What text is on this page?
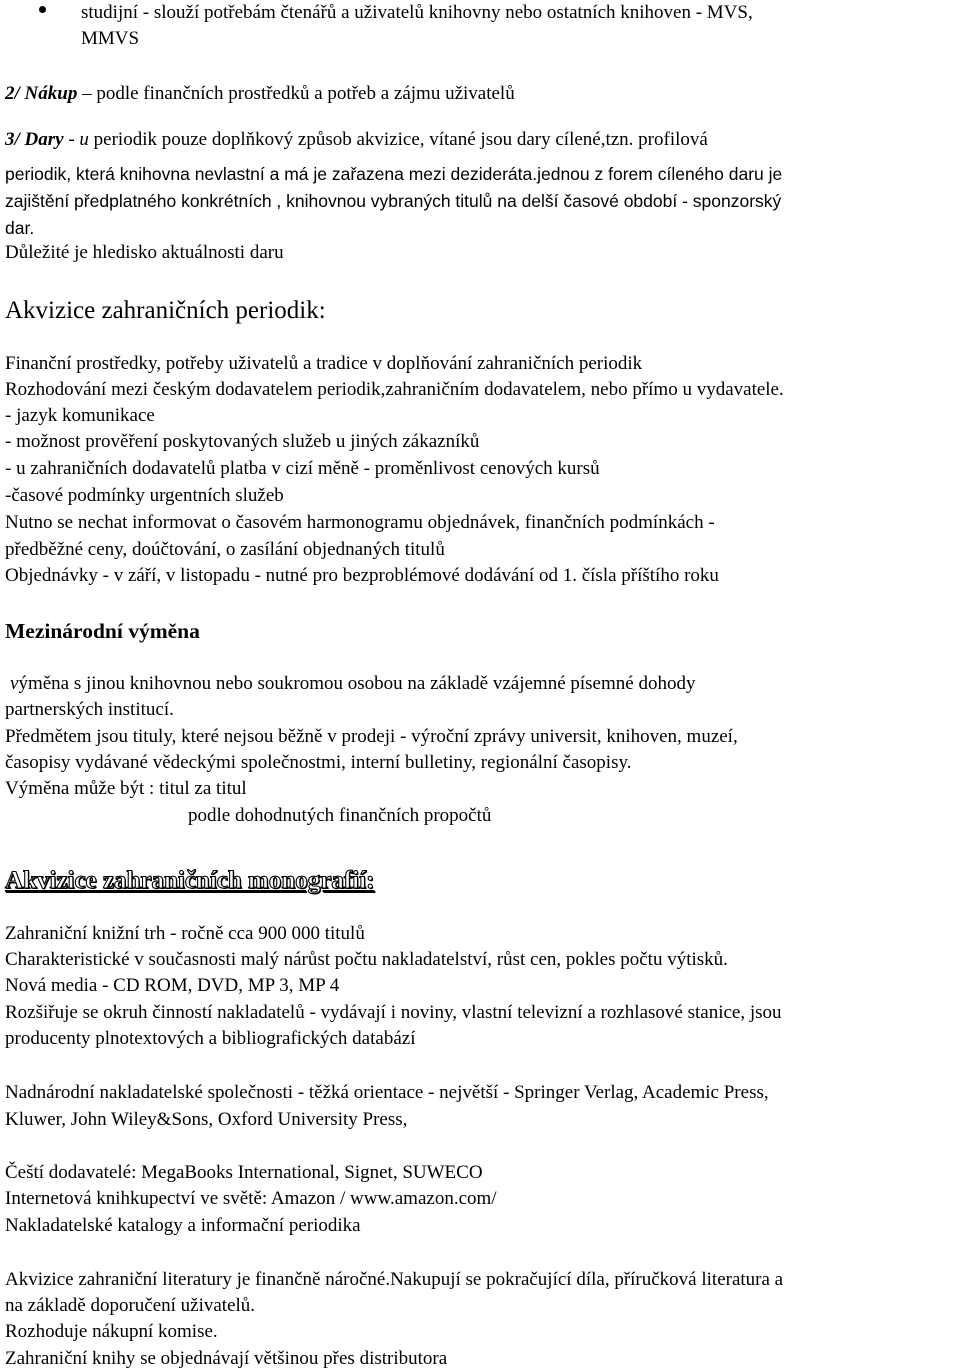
studijní - slouží potřebám čtenářů a uživatelů knihovny nebo ostatních knihoven - MVS,
MMVS
2/ Nákup – podle finančních prostředků a potřeb a zájmu uživatelů
3/ Dary - u periodik pouze doplňkový způsob akvizice, vítané jsou dary cílené,tzn. profilová
periodik, která knihovna nevlastní a má je zařazena mezi dezideráta.jednou z forem cíleného daru je
zajištění předplatného konkrétních , knihovnou vybraných titulů na delší časové období - sponzorský
dar.
Důležité je hledisko aktuálnosti daru
Akvizice zahraničních periodik:
Finanční prostředky, potřeby uživatelů a tradice v doplňování zahraničních periodik
Rozhodování mezi českým dodavatelem periodik,zahraničním dodavatelem, nebo přímo u vydavatele.
- jazyk komunikace
- možnost prověření poskytovaných služeb u jiných zákazníků
- u zahraničních dodavatelů platba v cizí měně - proměnlivost cenových kursů
-časové podmínky urgentních služeb
Nutno se nechat informovat o časovém harmonogramu objednávek, finančních podmínkách -
předběžné ceny, doúčtování, o zasílání objednaných titulů
Objednávky - v září, v listopadu - nutné pro bezproblémové dodávání od 1. čísla příštího roku
Mezinárodní výměna
výměna s jinou knihovnou nebo soukromou osobou na základě vzájemné písemné dohody
partnerských institucí.
Předmětem jsou tituly, které nejsou běžně v prodeji - výroční zprávy universit, knihoven, muzeí,
časopisy vydávané vědeckými společnostmi, interní bulletiny, regionální časopisy.
Výměna může být : titul za titul
podle dohodnutých finančních propočtů
Akvizice zahraničních monografií:
Zahraniční knižní trh - ročně cca 900 000 titulů
Charakteristické v současnosti malý nárůst počtu nakladatelství, růst cen, pokles počtu výtisků.
Nová media - CD ROM, DVD, MP 3, MP 4
Rozšiřuje se okruh činností nakladatelů - vydávají i noviny, vlastní televizní a rozhlasové stanice, jsou
producenty plnotextových a bibliografických databází
Nadnárodní nakladatelské společnosti - těžká orientace - největší - Springer Verlag, Academic Press,
Kluwer, John Wiley&Sons, Oxford University Press,
Čeští dodavatelé: MegaBooks International, Signet, SUWECO
Internetová knihkupectví ve světě: Amazon / www.amazon.com/
Nakladatelské katalogy a informační periodika
Akvizice zahraniční literatury je finančně náročné.Nakupují se pokračující díla, příručková literatura a
na základě doporučení uživatelů.
Rozhoduje nákupní komise.
Zahraniční knihy se objednávají většinou přes distributora
